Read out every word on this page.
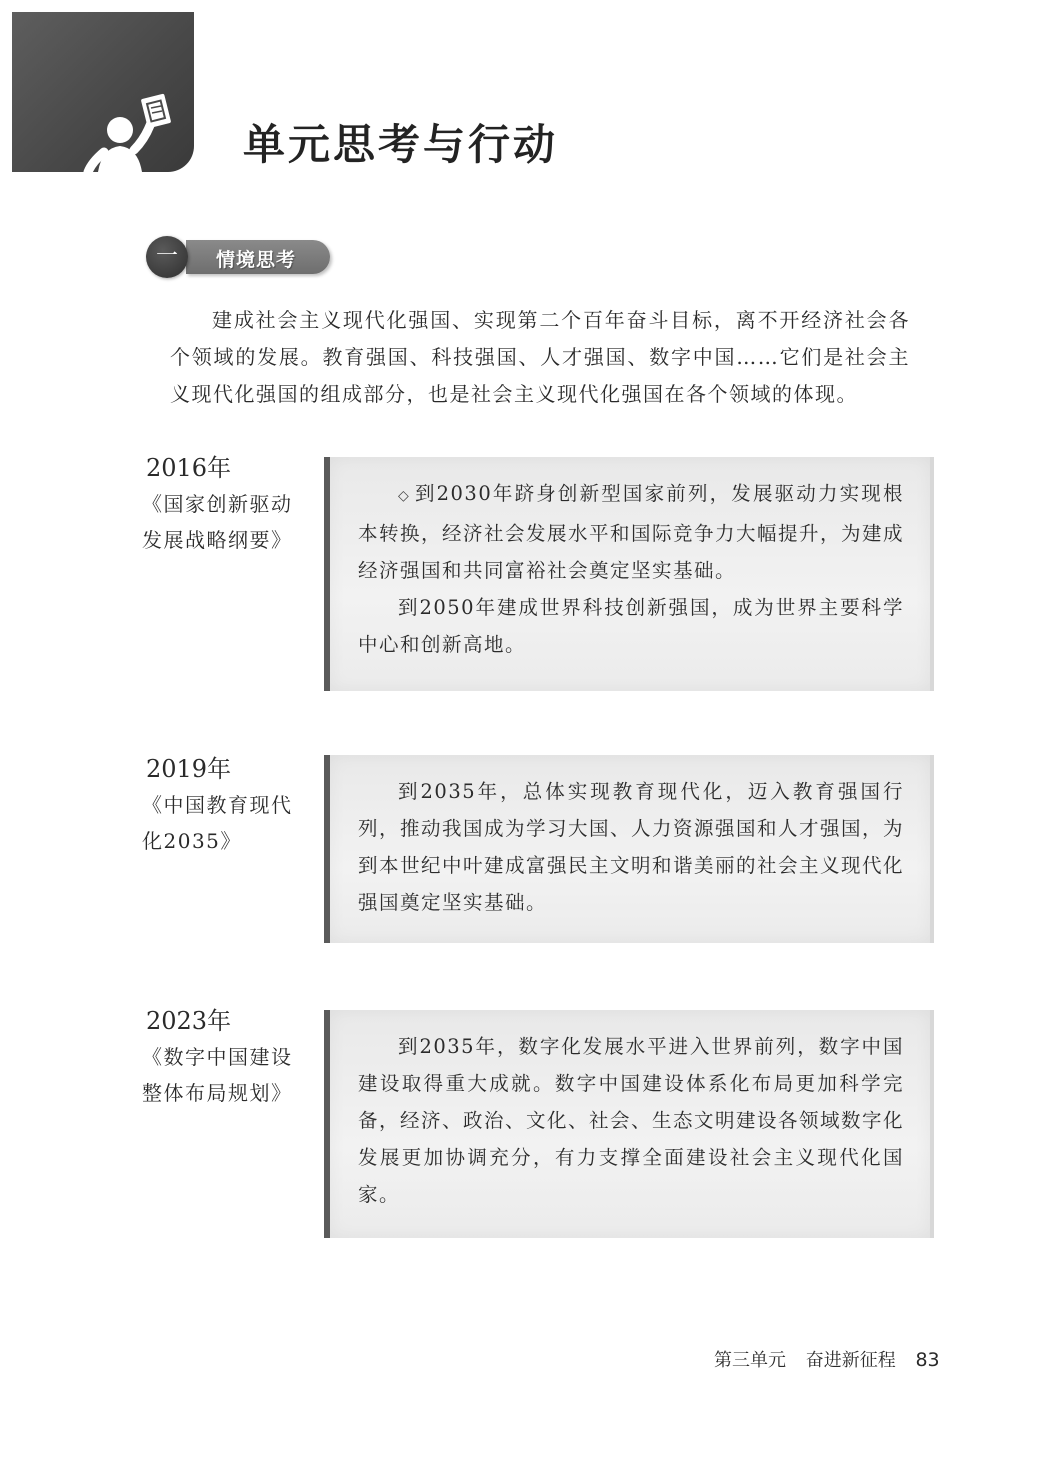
单元思考与行动
一	情境思考

建成社会主义现代化强国、实现第二个百年奋斗目标，离不开经济社会各个领域的发展。教育强国、科技强国、人才强国、数字中国……它们是社会主义现代化强国的组成部分，也是社会主义现代化强国在各个领域的体现。

2016年
《国家创新驱动发展战略纲要》

◇ 到2030年跻身创新型国家前列，发展驱动力实现根本转换，经济社会发展水平和国际竞争力大幅提升，为建成经济强国和共同富裕社会奠定坚实基础。

到2050年建成世界科技创新强国，成为世界主要科学中心和创新高地。

2019年
《中国教育现代化2035》

到2035年，总体实现教育现代化，迈入教育强国行列，推动我国成为学习大国、人力资源强国和人才强国，为到本世纪中叶建成富强民主文明和谐美丽的社会主义现代化强国奠定坚实基础。

2023年
《数字中国建设整体布局规划》

到2035年，数字化发展水平进入世界前列，数字中国建设取得重大成就。数字中国建设体系化布局更加科学完备，经济、政治、文化、社会、生态文明建设各领域数字化发展更加协调充分，有力支撑全面建设社会主义现代化国家。

第三单元 奋进新征程 83
